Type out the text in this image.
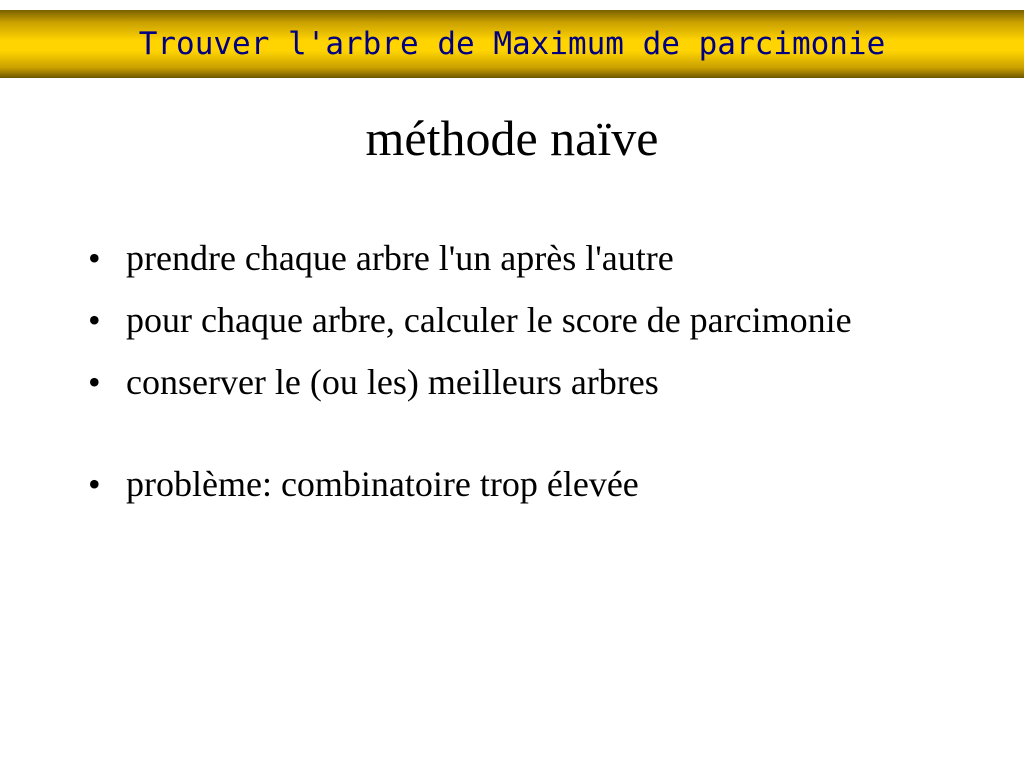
Trouver l'arbre de Maximum de parcimonie
méthode naïve
• prendre chaque arbre l'un après l'autre
• pour chaque arbre, calculer le score de parcimonie
• conserver le (ou les) meilleurs arbres
• problème: combinatoire trop élevée
